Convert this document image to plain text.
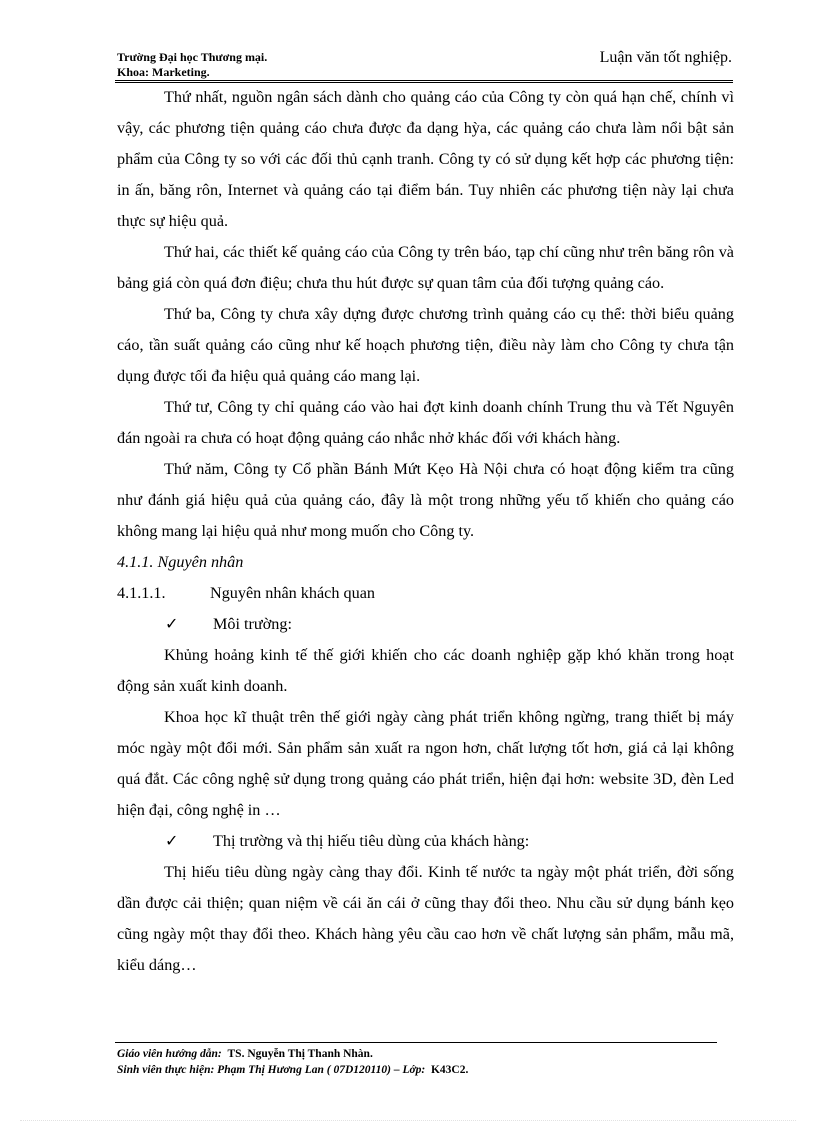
Trường Đại học Thương mại.
Khoa: Marketing.
Luận văn tốt nghiệp.

Thứ nhất, nguồn ngân sách dành cho quảng cáo của Công ty còn quá hạn chế, chính vì vậy, các phương tiện quảng cáo chưa được đa dạng hỳa, các quảng cáo chưa làm nổi bật sản phẩm của Công ty so với các đối thủ cạnh tranh. Công ty có sử dụng kết hợp các phương tiện: in ấn, băng rôn, Internet và quảng cáo tại điểm bán. Tuy nhiên các phương tiện này lại chưa thực sự hiệu quả.

Thứ hai, các thiết kế quảng cáo của Công ty trên báo, tạp chí cũng như trên băng rôn và bảng giá còn quá đơn điệu; chưa thu hút được sự quan tâm của đối tượng quảng cáo.

Thứ ba, Công ty chưa xây dựng được chương trình quảng cáo cụ thể: thời biểu quảng cáo, tần suất quảng cáo cũng như kế hoạch phương tiện, điều này làm cho Công ty chưa tận dụng được tối đa hiệu quả quảng cáo mang lại.

Thứ tư, Công ty chỉ quảng cáo vào hai đợt kinh doanh chính Trung thu và Tết Nguyên đán ngoài ra chưa có hoạt động quảng cáo nhắc nhở khác đối với khách hàng.

Thứ năm, Công ty Cổ phần Bánh Mứt Kẹo Hà Nội chưa có hoạt động kiểm tra cũng như đánh giá hiệu quả của quảng cáo, đây là một trong những yếu tố khiến cho quảng cáo không mang lại hiệu quả như mong muốn cho Công ty.

4.1.1. Nguyên nhân

4.1.1.1.	Nguyên nhân khách quan

✓ Môi trường:

Khủng hoảng kinh tế thế giới khiến cho các doanh nghiệp gặp khó khăn trong hoạt động sản xuất kinh doanh.

Khoa học kĩ thuật trên thế giới ngày càng phát triển không ngừng, trang thiết bị máy móc ngày một đổi mới. Sản phẩm sản xuất ra ngon hơn, chất lượng tốt hơn, giá cả lại không quá đắt. Các công nghệ sử dụng trong quảng cáo phát triển, hiện đại hơn: website 3D, đèn Led hiện đại, công nghệ in …

✓ Thị trường và thị hiếu tiêu dùng của khách hàng:

Thị hiếu tiêu dùng ngày càng thay đổi. Kinh tế nước ta ngày một phát triển, đời sống dần được cải thiện; quan niệm về cái ăn cái ở cũng thay đổi theo. Nhu cầu sử dụng bánh kẹo cũng ngày một thay đổi theo. Khách hàng yêu cầu cao hơn về chất lượng sản phẩm, mẫu mã, kiểu dáng…

Giáo viên hướng dẫn: TS. Nguyễn Thị Thanh Nhàn.
Sinh viên thực hiện: Phạm Thị Hương Lan ( 07D120110) – Lớp: K43C2.
